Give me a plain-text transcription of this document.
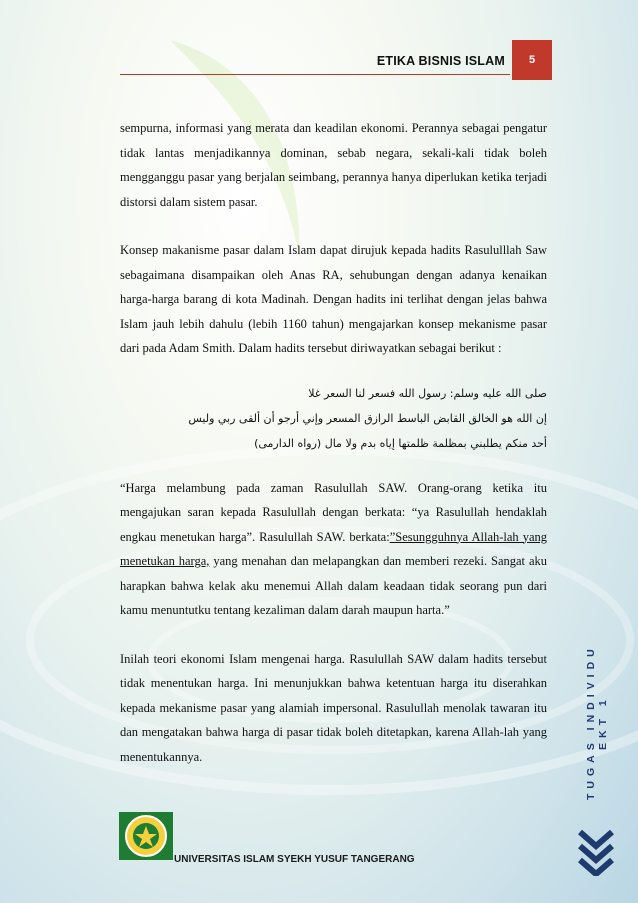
ETIKA BISNIS ISLAM	5

sempurna, informasi yang merata dan keadilan ekonomi. Perannya sebagai pengatur tidak lantas menjadikannya dominan, sebab negara, sekali-kali tidak boleh mengganggu pasar yang berjalan seimbang, perannya hanya diperlukan ketika terjadi distorsi dalam sistem pasar.

Konsep makanisme pasar dalam Islam dapat dirujuk kepada hadits Rasululllah Saw sebagaimana disampaikan oleh Anas RA, sehubungan dengan adanya kenaikan harga-harga barang di kota Madinah. Dengan hadits ini terlihat dengan jelas bahwa Islam jauh lebih dahulu (lebih 1160 tahun) mengajarkan konsep mekanisme pasar dari pada Adam Smith. Dalam hadits tersebut diriwayatkan sebagai berikut :

صلى الله عليه وسلم: رسول الله فسعر لنا السعر غلا
إن الله هو الخالق القابض الباسط الرازق المسعر وإني أرجو أن ألقى ربي وليس
أحد منكم يطلبني بمظلمة ظلمتها إياه بدم ولا مال (رواه الدارمى)

“Harga melambung pada zaman Rasulullah SAW. Orang-orang ketika itu mengajukan saran kepada Rasulullah dengan berkata: “ya Rasulullah hendaklah engkau menetukan harga”. Rasulullah SAW. berkata:”Sesungguhnya Allah-lah yang menetukan harga, yang menahan dan melapangkan dan memberi rezeki. Sangat aku harapkan bahwa kelak aku menemui Allah dalam keadaan tidak seorang pun dari kamu menuntutku tentang kezaliman dalam darah maupun harta.”

Inilah teori ekonomi Islam mengenai harga. Rasulullah SAW dalam hadits tersebut tidak menentukan harga. Ini menunjukkan bahwa ketentuan harga itu diserahkan kepada mekanisme pasar yang alamiah impersonal. Rasulullah menolak tawaran itu dan mengatakan bahwa harga di pasar tidak boleh ditetapkan, karena Allah-lah yang menentukannya.	TUGAS INDIVIDU EKT 1
UNIVERSITAS ISLAM SYEKH YUSUF TANGERANG
